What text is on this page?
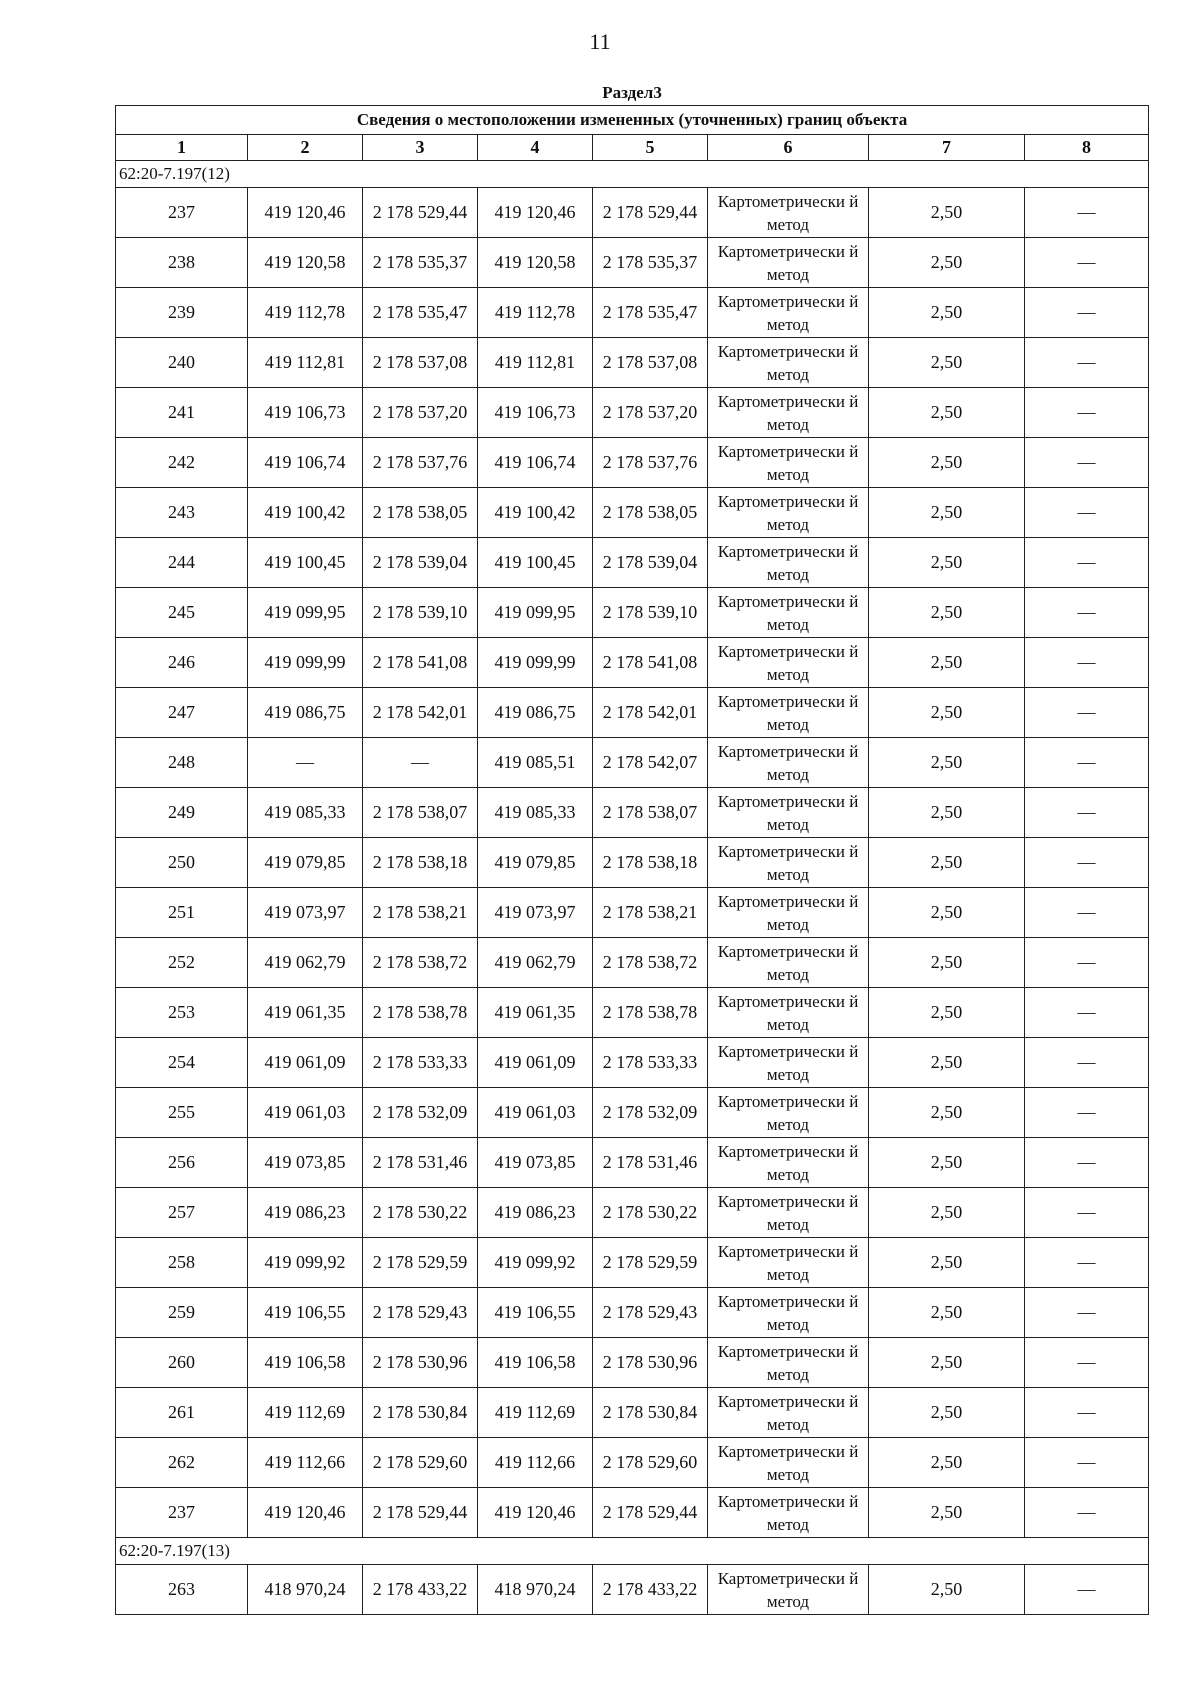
11
Раздел3							
Сведения о местоположении измененных (уточненных) границ объекта							
1	2	3	4	5	6	7	8
62:20-7.197(12)							
237	419 120,46	2 178 529,44	419 120,46	2 178 529,44	Картометрически й метод	2,50	—
238	419 120,58	2 178 535,37	419 120,58	2 178 535,37	Картометрически й метод	2,50	—
239	419 112,78	2 178 535,47	419 112,78	2 178 535,47	Картометрически й метод	2,50	—
240	419 112,81	2 178 537,08	419 112,81	2 178 537,08	Картометрически й метод	2,50	—
241	419 106,73	2 178 537,20	419 106,73	2 178 537,20	Картометрически й метод	2,50	—
242	419 106,74	2 178 537,76	419 106,74	2 178 537,76	Картометрически й метод	2,50	—
243	419 100,42	2 178 538,05	419 100,42	2 178 538,05	Картометрически й метод	2,50	—
244	419 100,45	2 178 539,04	419 100,45	2 178 539,04	Картометрически й метод	2,50	—
245	419 099,95	2 178 539,10	419 099,95	2 178 539,10	Картометрически й метод	2,50	—
246	419 099,99	2 178 541,08	419 099,99	2 178 541,08	Картометрически й метод	2,50	—
247	419 086,75	2 178 542,01	419 086,75	2 178 542,01	Картометрически й метод	2,50	—
248	—	—	419 085,51	2 178 542,07	Картометрически й метод	2,50	—
249	419 085,33	2 178 538,07	419 085,33	2 178 538,07	Картометрически й метод	2,50	—
250	419 079,85	2 178 538,18	419 079,85	2 178 538,18	Картометрически й метод	2,50	—
251	419 073,97	2 178 538,21	419 073,97	2 178 538,21	Картометрически й метод	2,50	—
252	419 062,79	2 178 538,72	419 062,79	2 178 538,72	Картометрически й метод	2,50	—
253	419 061,35	2 178 538,78	419 061,35	2 178 538,78	Картометрически й метод	2,50	—
254	419 061,09	2 178 533,33	419 061,09	2 178 533,33	Картометрически й метод	2,50	—
255	419 061,03	2 178 532,09	419 061,03	2 178 532,09	Картометрически й метод	2,50	—
256	419 073,85	2 178 531,46	419 073,85	2 178 531,46	Картометрически й метод	2,50	—
257	419 086,23	2 178 530,22	419 086,23	2 178 530,22	Картометрически й метод	2,50	—
258	419 099,92	2 178 529,59	419 099,92	2 178 529,59	Картометрически й метод	2,50	—
259	419 106,55	2 178 529,43	419 106,55	2 178 529,43	Картометрически й метод	2,50	—
260	419 106,58	2 178 530,96	419 106,58	2 178 530,96	Картометрически й метод	2,50	—
261	419 112,69	2 178 530,84	419 112,69	2 178 530,84	Картометрически й метод	2,50	—
262	419 112,66	2 178 529,60	419 112,66	2 178 529,60	Картометрически й метод	2,50	—
237	419 120,46	2 178 529,44	419 120,46	2 178 529,44	Картометрически й метод	2,50	—
62:20-7.197(13)							
263	418 970,24	2 178 433,22	418 970,24	2 178 433,22	Картометрически й метод	2,50	—
